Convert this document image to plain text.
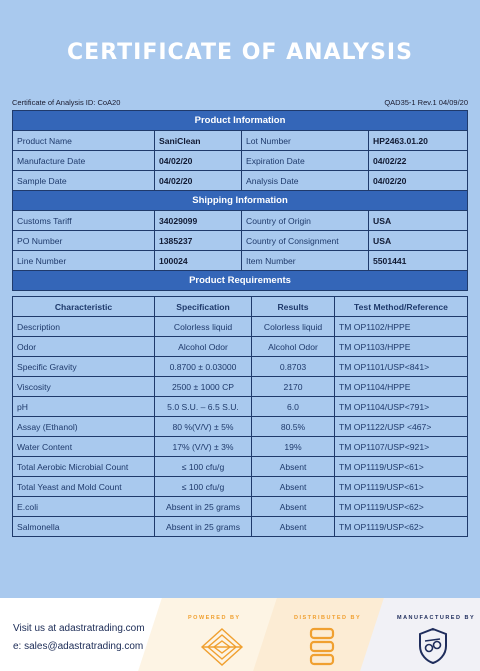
CERTIFICATE OF ANALYSIS
Certificate of Analysis ID: CoA20	QAD35-1 Rev.1 04/09/20
Product Information			
Product Name	SaniClean	Lot Number	HP2463.01.20
Manufacture Date	04/02/20	Expiration Date	04/02/22
Sample Date	04/02/20	Analysis Date	04/02/20
Shipping Information			
Customs Tariff	34029099	Country of Origin	USA
PO Number	1385237	Country of Consignment	USA
Line Number	100024	Item Number	5501441
Product Requirements			
Characteristic	Specification	Results	Test Method/Reference
Description	Colorless liquid	Colorless liquid	TM OP1102/HPPE
Odor	Alcohol Odor	Alcohol Odor	TM OP1103/HPPE
Specific Gravity	0.8700 ± 0.03000	0.8703	TM OP1101/USP<841>
Viscosity	2500 ± 1000 CP	2170	TM OP1104/HPPE
pH	5.0 S.U. – 6.5 S.U.	6.0	TM OP1104/USP<791>
Assay (Ethanol)	80 %(V/V) ± 5%	80.5%	TM OP1122/USP <467>
Water Content	17% (V/V) ± 3%	19%	TM OP1107/USP<921>
Total Aerobic Microbial Count	≤ 100 cfu/g	Absent	TM OP1119/USP<61>
Total Yeast and Mold Count	≤ 100 cfu/g	Absent	TM OP1119/USP<61>
E.coli	Absent in 25 grams	Absent	TM OP1119/USP<62>
Salmonella	Absent in 25 grams	Absent	TM OP1119/USP<62>
Visit us at adastratrading.com
e: sales@adastratrading.com
POWERED BY	DISTRIBUTED BY	MANUFACTURED BY
